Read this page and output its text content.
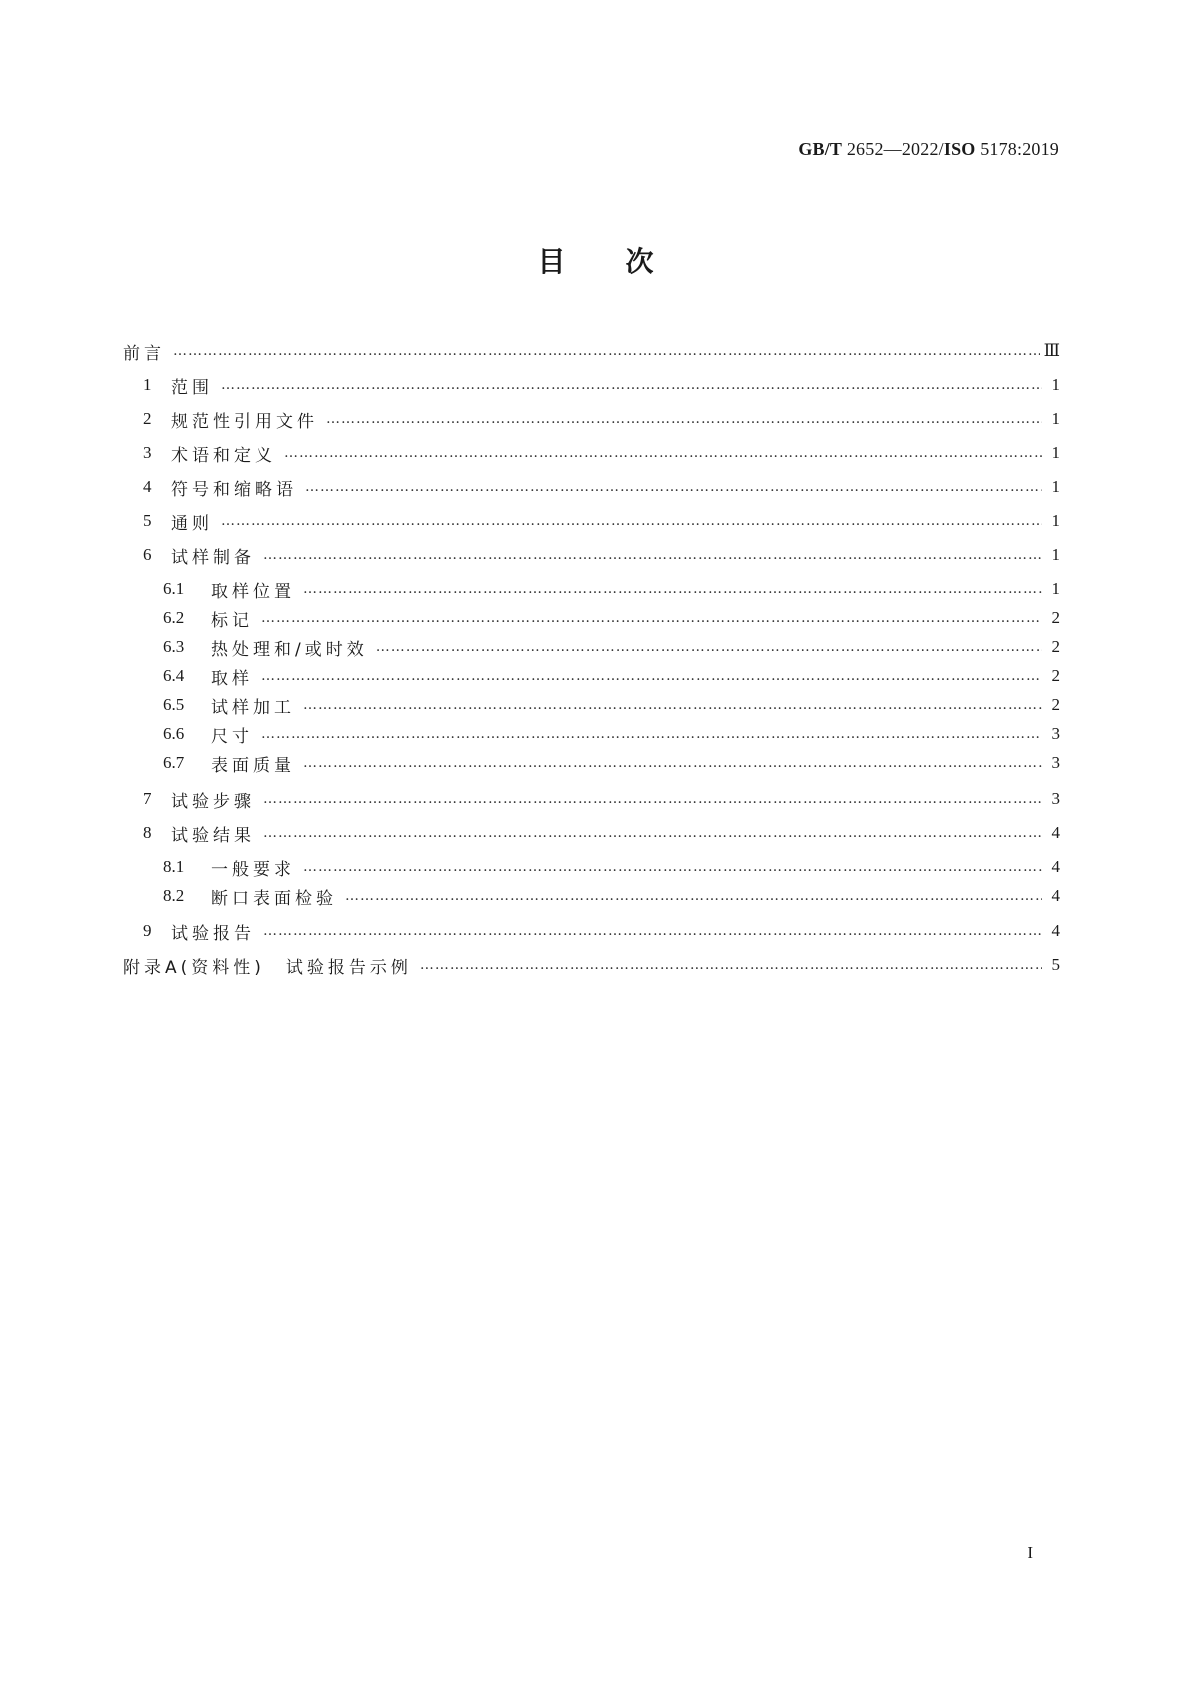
GB/T 2652—2022/ISO 5178:2019
目次
前言 ……………………………………………………………………………………………………………………………………………………………………………………………………………………………………………	Ⅲ
1	范围 ……………………………………………………………………………………………………………………………………………………………………………………………………………………………………………	1
2	规范性引用文件 ……………………………………………………………………………………………………………………………………………………………………………………………………………………………………………	1
3	术语和定义 ……………………………………………………………………………………………………………………………………………………………………………………………………………………………………………	1
4	符号和缩略语 ……………………………………………………………………………………………………………………………………………………………………………………………………………………………………………	1
5	通则 ……………………………………………………………………………………………………………………………………………………………………………………………………………………………………………	1
6	试样制备 ……………………………………………………………………………………………………………………………………………………………………………………………………………………………………………	1
6.1	取样位置 ……………………………………………………………………………………………………………………………………………………………………………………………………………………………………………	1
6.2	标记 ……………………………………………………………………………………………………………………………………………………………………………………………………………………………………………	2
6.3	热处理和/或时效 ……………………………………………………………………………………………………………………………………………………………………………………………………………………………………………	2
6.4	取样 ……………………………………………………………………………………………………………………………………………………………………………………………………………………………………………	2
6.5	试样加工 ……………………………………………………………………………………………………………………………………………………………………………………………………………………………………………	2
6.6	尺寸 ……………………………………………………………………………………………………………………………………………………………………………………………………………………………………………	3
6.7	表面质量 ……………………………………………………………………………………………………………………………………………………………………………………………………………………………………………	3
7	试验步骤 ……………………………………………………………………………………………………………………………………………………………………………………………………………………………………………	3
8	试验结果 ……………………………………………………………………………………………………………………………………………………………………………………………………………………………………………	4
8.1	一般要求 ……………………………………………………………………………………………………………………………………………………………………………………………………………………………………………	4
8.2	断口表面检验 ……………………………………………………………………………………………………………………………………………………………………………………………………………………………………………	4
9	试验报告 ……………………………………………………………………………………………………………………………………………………………………………………………………………………………………………	4
附录A(资料性)　试验报告示例 ……………………………………………………………………………………………………………………………………………………………………………………………………………………………………………	5
I
